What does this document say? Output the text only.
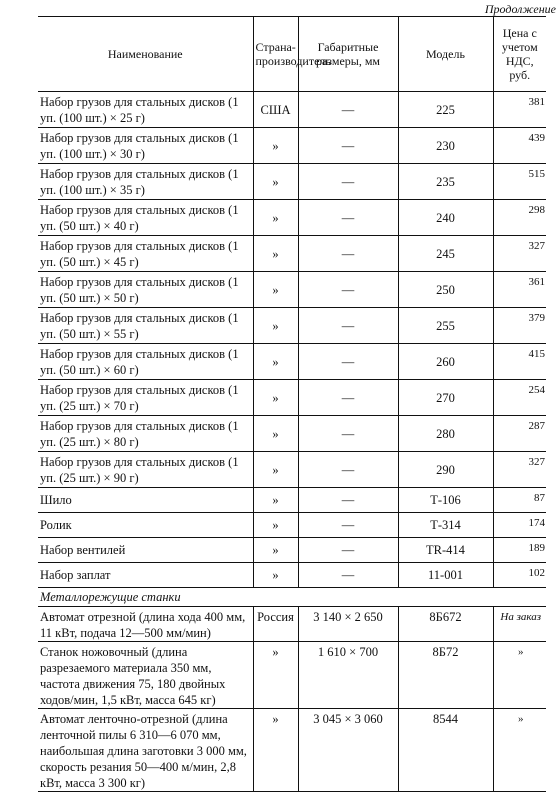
Продолжение
Наименование	Страна-производитель	Габаритные размеры, мм	Модель	Цена с учетом НДС, руб.
Набор грузов для стальных дисков (1 уп. (100 шт.) × 25 г)	США	—	225	381
Набор грузов для стальных дисков (1 уп. (100 шт.) × 30 г)	»	—	230	439
Набор грузов для стальных дисков (1 уп. (100 шт.) × 35 г)	»	—	235	515
Набор грузов для стальных дисков (1 уп. (50 шт.) × 40 г)	»	—	240	298
Набор грузов для стальных дисков (1 уп. (50 шт.) × 45 г)	»	—	245	327
Набор грузов для стальных дисков (1 уп. (50 шт.) × 50 г)	»	—	250	361
Набор грузов для стальных дисков (1 уп. (50 шт.) × 55 г)	»	—	255	379
Набор грузов для стальных дисков (1 уп. (50 шт.) × 60 г)	»	—	260	415
Набор грузов для стальных дисков (1 уп. (25 шт.) × 70 г)	»	—	270	254
Набор грузов для стальных дисков (1 уп. (25 шт.) × 80 г)	»	—	280	287
Набор грузов для стальных дисков (1 уп. (25 шт.) × 90 г)	»	—	290	327
Шило	»	—	Т-106	87
Ролик	»	—	Т-314	174
Набор вентилей	»	—	TR-414	189
Набор заплат	»	—	11-001	102
Металлорежущие станки				
Автомат отрезной (длина хода 400 мм, 11 кВт, подача 12—500 мм/мин)	Россия	3 140 × 2 650	8Б672	На заказ
Станок ножовочный (длина разрезаемого материала 350 мм, частота движения 75, 180 двойных ходов/мин, 1,5 кВт, масса 645 кг)	»	1 610 × 700	8Б72	»
Автомат ленточно-отрезной (длина ленточной пилы 6 310—6 070 мм, наибольшая длина заготовки 3 000 мм, скорость резания 50—400 м/мин, 2,8 кВт, масса 3 300 кг)	»	3 045 × 3 060	8544	»
